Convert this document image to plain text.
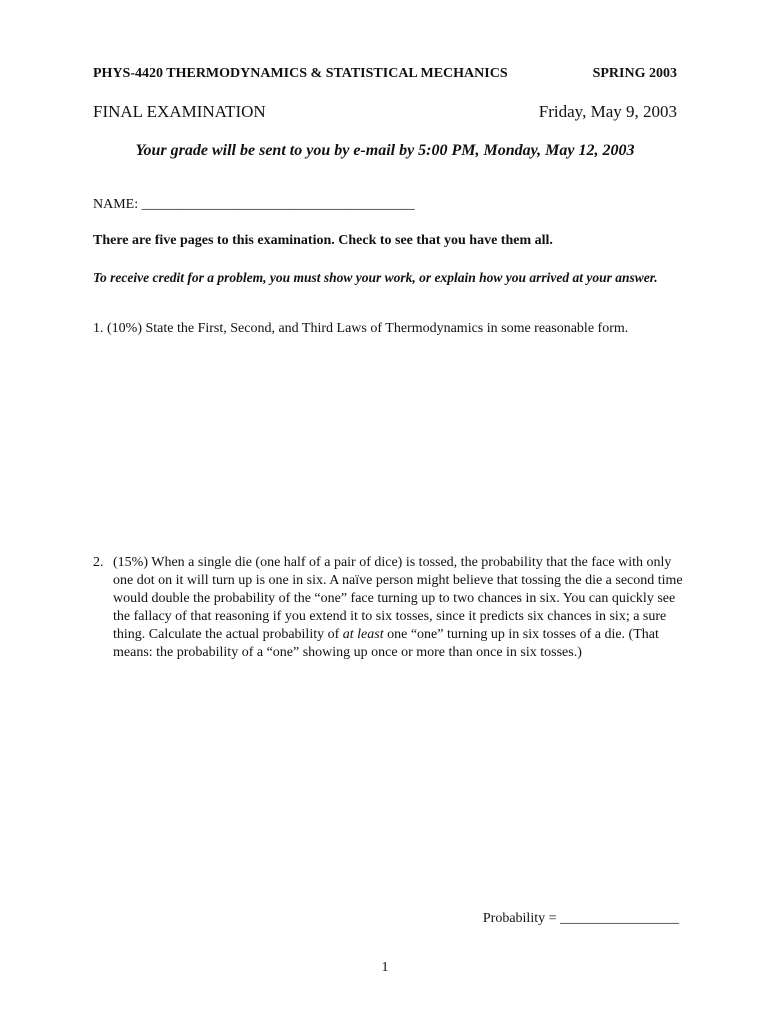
PHYS-4420 THERMODYNAMICS & STATISTICAL MECHANICS	SPRING 2003
FINAL EXAMINATION	Friday, May 9, 2003
Your grade will be sent to you by e-mail by 5:00 PM, Monday, May 12, 2003
NAME: _______________________________________
There are five pages to this examination. Check to see that you have them all.
To receive credit for a problem, you must show your work, or explain how you arrived at your answer.
1. (10%) State the First, Second, and Third Laws of Thermodynamics in some reasonable form.
2. (15%) When a single die (one half of a pair of dice) is tossed, the probability that the face with only one dot on it will turn up is one in six. A naïve person might believe that tossing the die a second time would double the probability of the “one” face turning up to two chances in six. You can quickly see the fallacy of that reasoning if you extend it to six tosses, since it predicts six chances in six; a sure thing. Calculate the actual probability of at least one “one” turning up in six tosses of a die. (That means: the probability of a “one” showing up once or more than once in six tosses.)
Probability = _________________
1
